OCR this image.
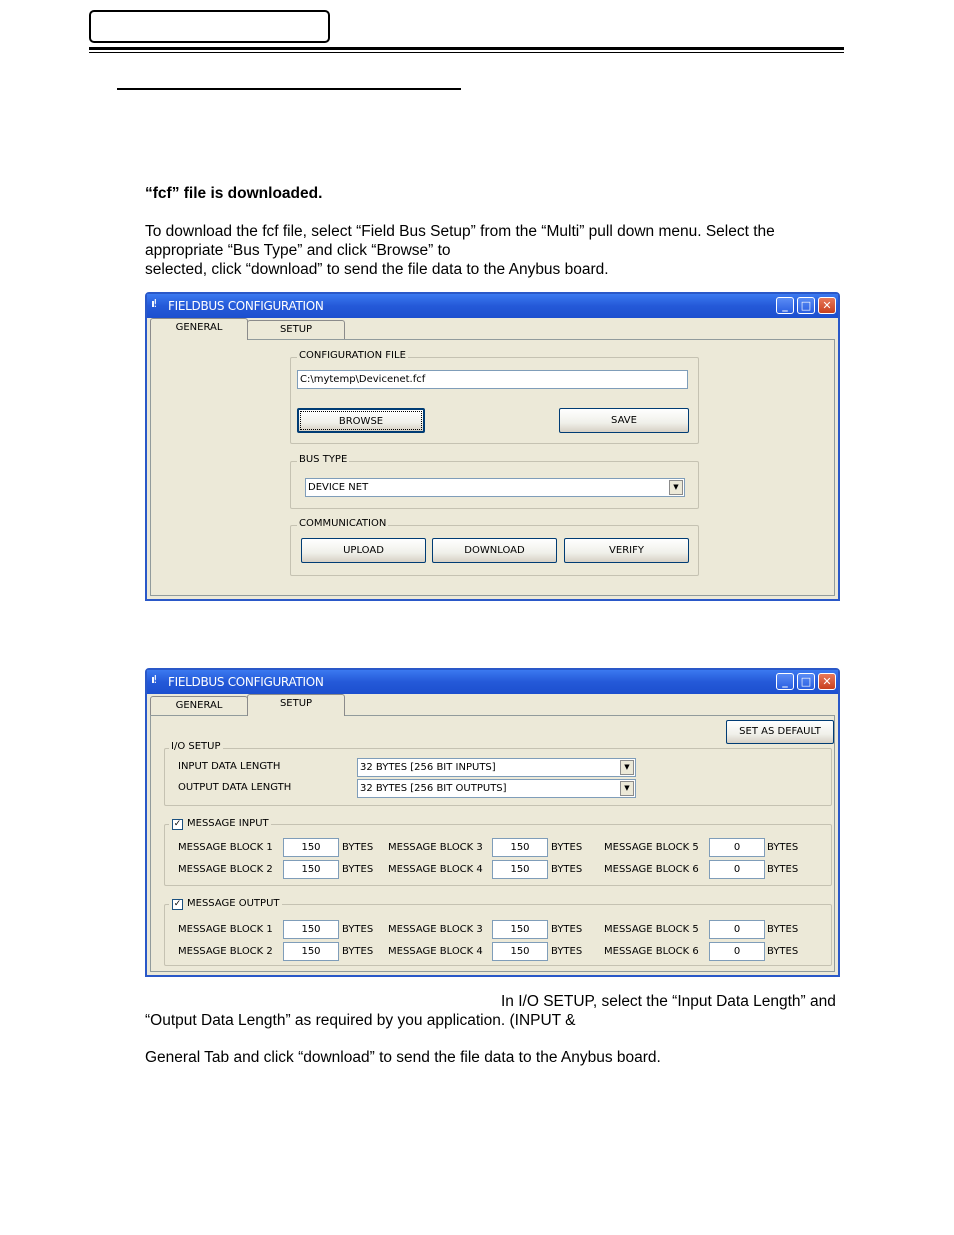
“fcf” file is downloaded.
To download the fcf file, select “Field Bus Setup” from the “Multi” pull down menu. Select the
appropriate “Bus Type” and click “Browse” to
selected, click “download” to send the file data to the Anybus board.
ıı! FIELDBUS CONFIGURATION	_	□	✕
GENERAL	SETUP
CONFIGURATION FILE
C:\mytemp\Devicenet.fcf
BROWSE	SAVE
BUS TYPE
DEVICE NET	▼
COMMUNICATION
UPLOAD	DOWNLOAD	VERIFY
ıı! FIELDBUS CONFIGURATION	_	□	✕
GENERAL	SETUP
SET AS DEFAULT
I/O SETUP
INPUT DATA LENGTH	32 BYTES [256 BIT INPUTS]	▼
OUTPUT DATA LENGTH	32 BYTES [256 BIT OUTPUTS]	▼
✓ MESSAGE INPUT
MESSAGE BLOCK 1	150	BYTES MESSAGE BLOCK 3	150	BYTES MESSAGE BLOCK 5	0	BYTES
MESSAGE BLOCK 2	150	BYTES MESSAGE BLOCK 4	150	BYTES MESSAGE BLOCK 6	0	BYTES
✓ MESSAGE OUTPUT
MESSAGE BLOCK 1	150	BYTES MESSAGE BLOCK 3	150	BYTES MESSAGE BLOCK 5	0	BYTES
MESSAGE BLOCK 2	150	BYTES MESSAGE BLOCK 4	150	BYTES MESSAGE BLOCK 6	0	BYTES
In I/O SETUP, select the “Input Data Length” and
“Output Data Length” as required by you application. (INPUT &
General Tab and click “download” to send the file data to the Anybus board.
